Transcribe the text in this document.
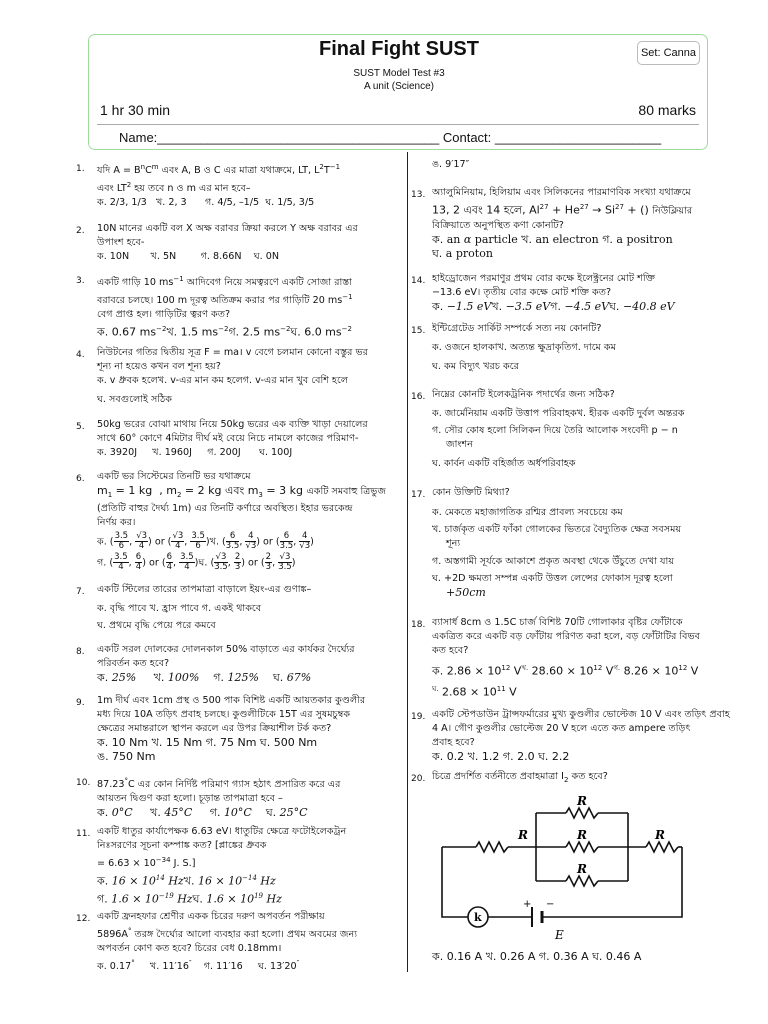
Final Fight SUST	Set: Canna
SUST Model Test #3
A unit (Science)
1 hr 30 min	80 marks
Name:_______________________________________ Contact: _______________________
1. যদি $A = B^nC^m$ এবং A, B ও C এর মাত্রা যথাক্রমে, LT, $L^2T^{-1}$
এবং $LT^2$ হয় তবে n ও m এর মান হবে–
ক. 2/3, 1/3   খ. 2, 3      গ. 4/5, –1/5  ঘ. 1/5, 3/5
2. 10N মানের একটি বল X অক্ষ বরাবর ক্রিয়া করলে Y অক্ষ বরাবর এর
উপাংশ হবে-
ক. 10N       খ. 5N        গ. 8.66N    ঘ. 0N
3. একটি গাড়ি 10 $ms^{-1}$ আদিবেগ নিয়ে সমত্বরণে একটি সোজা রাস্তা
বরাবরে চলছে। 100 m দূরত্ব অতিক্রম করার পর গাড়িটি 20 $ms^{-1}$
বেগ প্রাপ্ত হল। গাড়িটির ত্বরণ কত?
ক. 0.67 $ms^{-2}খ$. 1.5 $ms^{-2}গ$. 2.5 $ms^{-2}ঘ$. 6.0 $ms^{-2}$
4. নিউটনের গতির দ্বিতীয় সূত্র F = ma। v বেগে চলমান কোনো বস্তুর ভর
শূন্য না হয়েও কখন বল শূন্য হয়?
ক. v ধ্রুবক হলেখ. v-এর মান কম হলেগ. v-এর মান খুব বেশি হলে
ঘ. সবগুলোই সঠিক
5. 50kg ভরের বোঝা মাথায় নিয়ে 50kg ভরের এক ব্যক্তি খাড়া দেয়ালের
সাথে 60° কোণে 4মিটার দীর্ঘ মই বেয়ে নিচে নামলে কাজের পরিমাণ-
ক. 3920J     খ. 1960J     গ. 200J      ঘ. 100J
6. একটি ভর সিস্টেমের তিনটি ভর যথাক্রমে
$m_1 = 1$ kg  , $m_2 = 2$ kg এবং $m_3 = 3$ kg একটি সমবাহু ত্রিভুজ
(প্রতিটি বাহুর দৈর্ঘ্য 1m) এর তিনটি কর্ণারে অবস্থিত। ইহার ভরকেন্দ্র
নির্ণয় কর।
ক. ( $\frac{3.5}{6}$ , $\frac{√3}{4}$ ) or ( $\frac{√3}{4}$ , $\frac{3.5}{6}$ )খ. ( $\frac{6}{3.5}$ , $\frac{4}{√3}$ ) or ( $\frac{6}{3.5}$ , $\frac{4}{√3}$ )
গ. ( $\frac{3.5}{4}$ , $\frac{6}{4}$ ) or ( $\frac{6}{4}$ , $\frac{3.5}{4}$ )ঘ. ( $\frac{√3}{3.5}$ , $\frac{2}{3}$ ) or ( $\frac{2}{3}$ , $\frac{√3}{3.5}$ )
7. একটি স্টিলের তারের তাপমাত্রা বাড়ালে ইয়ং-এর গুণাঙ্ক–
ক. বৃদ্ধি পাবে খ. হ্রাস পাবে গ. একই থাকবে
ঘ. প্রথমে বৃদ্ধি পেয়ে পরে কমবে
8. একটি সরল দোলকের দোলনকাল 50% বাড়াতে এর কার্যকর দৈর্ঘ্যের
পরিবর্তন কত হবে?
ক. 25%     খ. 100%    গ. 125%    ঘ. 67%
9. 1m দীর্ঘ এবং 1cm প্রস্থ ও 500 পাক বিশিষ্ট একটি আয়তকার কুণ্ডলীর
মধ্য দিয়ে 10A তড়িৎ প্রবাহ চলছে। কুণ্ডলীটিকে 15T এর সুষমচুম্বক
ক্ষেত্রের সমান্তরালে স্থাপন করলে এর উপর ক্রিয়াশীল টর্ক কত?
ক. 10 Nm খ. 15 Nm গ. 75 Nm ঘ. 500 Nm
ঙ. 750 Nm
10. 87.23°C এর কোন নির্দিষ্ট পরিমাণ গ্যাস হঠাৎ প্রসারিত করে এর
আয়তন দ্বিগুণ করা হলো। চূড়ান্ত তাপমাত্রা হবে –
ক. 0°C     খ. 45°C     গ. 10°C    ঘ. 25°C
11. একটি ধাতুর কার্যাপেক্ষক 6.63 eV। ধাতুটির ক্ষেত্রে ফটোইলেকট্রন
নিঃসরণের সূচনা কম্পাঙ্ক কত? [প্লাঙ্কের ধ্রুবক
= $6.63 \times 10^{-34}$ J. S.]
ক. $16 \times 10^{14}$ Hzখ. $16 \times 10^{-14}$ Hz
গ. $1.6 \times 10^{-19}$ Hzঘ. $1.6 \times 10^{19}$ Hz
12. একটি ফ্রনহফার শ্রেণীর একক চিরের দরুণ অপবর্তন পরীক্ষায়
5896A° তরঙ্গ দৈর্ঘ্যের আলো ব্যবহার করা হলো। প্রথম অবমের জন্য
অপবর্তন কোণ কত হবে? চিরের বেধ 0.18mm।
ক. 0.17°     খ. 11′16″    গ. 11′16     ঘ. 13′20″
ঙ. 9′17″
13. অ্যালুমিনিয়াম, হিলিয়াম এবং সিলিকনের পারমাণবিক সংখ্যা যথাক্রমে
13, 2 এবং 14 হলে, $Al^{27} + He^{27} \to Si^{27}$ + () নিউক্লিয়ার
বিক্রিয়াতে অনুপস্থিত কণা কোনটি?
ক. an α particle খ. an electron গ. a positron
ঘ. a proton
14. হাইড্রোজেন পরমাণুর প্রথম বোর কক্ষে ইলেক্ট্রনের মোট শক্তি
−13.6 eV। তৃতীয় বোর কক্ষে মোট শক্তি কত?
ক. −1.5 eVখ. −3.5 eVগ. −4.5 eVঘ. −40.8 eV
15. ইন্টিগ্রেটেড সার্কিট সম্পর্কে সত্য নয় কোনটি?
ক. ওজনে হালকাখ. অত্যন্ত ক্ষুদ্রাকৃতিগ. দামে কম
ঘ. কম বিদ্যুৎ খরচ করে
16. নিম্নের কোনটি ইলেকট্রনিক পদার্থের জন্য সঠিক?
ক. জার্মেনিয়াম একটি উত্তাপ পরিবাহকখ. হীরক একটি দুর্বল অন্তরক
গ. সৌর কোষ হলো সিলিকন দিয়ে তৈরি আলোক সংবেদী p − n
জাংশন
ঘ. কার্বন একটি বহির্জাত অর্ধপরিবাহক
17. কোন উক্তিটি মিথ্যা?
ক. মেকতে মহাজাগতিক রশ্মির প্রাবল্য সবচেয়ে কম
খ. চার্জকৃত একটি ফাঁকা গোলকের ভিতরে বৈদ্যুতিক ক্ষেত্র সবসময়
শূন্য
গ. অস্তগামী সূর্যকে আকাশে প্রকৃত অবস্থা থেকে উঁচুতে দেখা যায়
ঘ. +2D ক্ষমতা সম্পন্ন একটি উত্তল লেন্সের ফোকাস দূরত্ব হলো
+50cm
18. ব্যাসার্ধ 8cm ও 1.5C চার্জ বিশিষ্ট 70টি গোলাকার বৃষ্টির ফোঁটাকে
একত্রিত করে একটি বড় ফোঁটায় পরিণত করা হলে, বড় ফোঁটাটির বিভব
কত হবে?
ক. $2.86 \times 10^{12}$ $V^{খ.}$ $28.60 \times 10^{12}$ $V^{গ.}$ $8.26 \times 10^{12}$ V
$^{ঘ.}$ $2.68 \times 10^{11}$ V
19. একটি স্টেপডাউন ট্রান্সফর্মারের মুখ্য কুণ্ডলীর ভোল্টেজ 10 V এবং তড়িৎ প্রবাহ
4 A। গৌণ কুণ্ডলীর ভোল্টেজ 20 V হলে এতে কত ampere তড়িৎ
প্রবাহ হবে?
ক. 0.2 খ. 1.2 গ. 2.0 ঘ. 2.2
20. চিত্রে প্রদর্শিত বর্তনীতে প্রবাহমাত্রা $I_2$ কত হবে?
R
R
R
R
R
k
+ −
E
ক. 0.16 A খ. 0.26 A গ. 0.36 A ঘ. 0.46 A
